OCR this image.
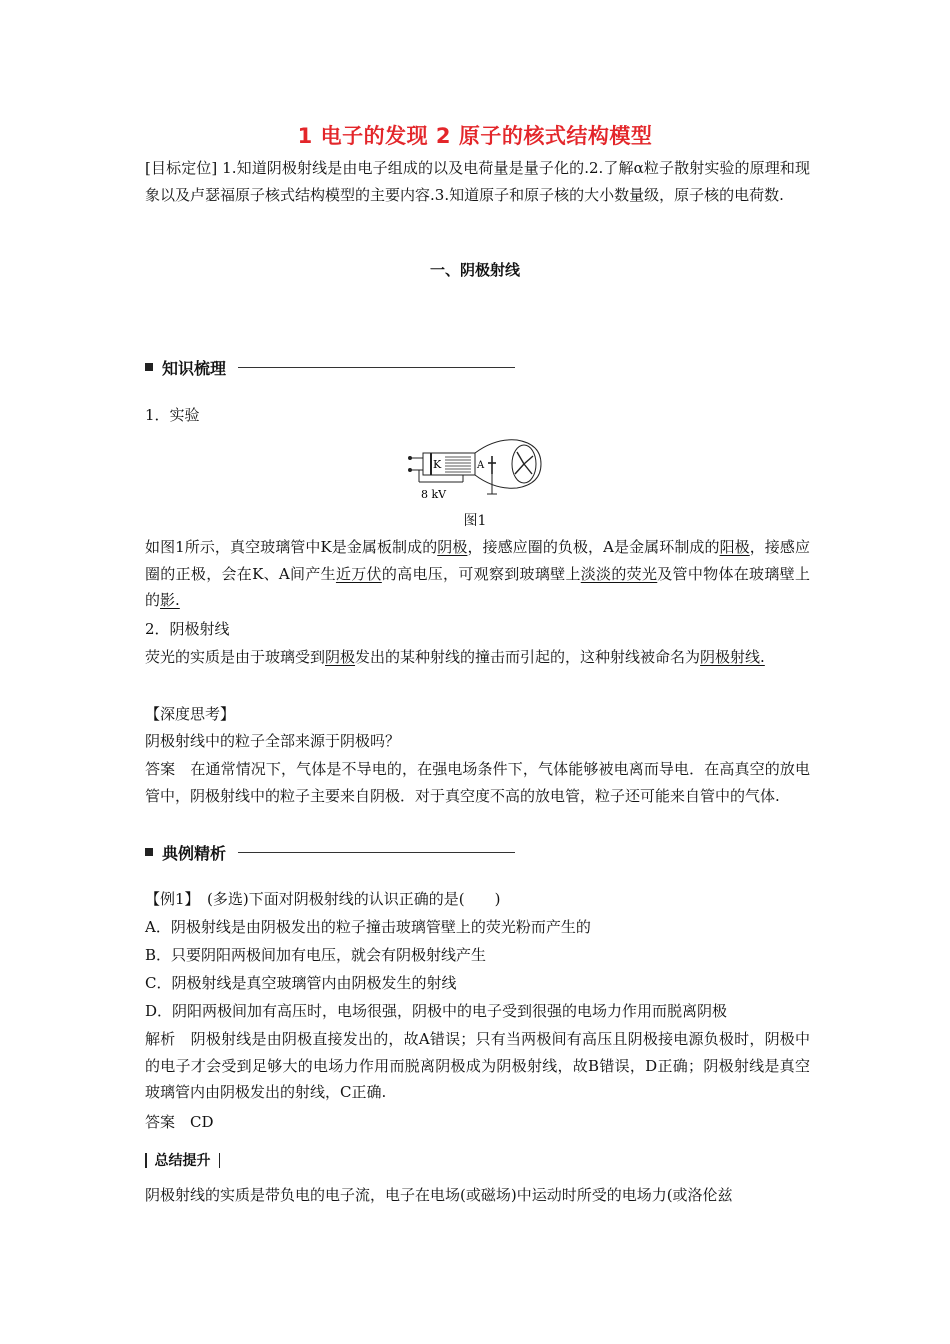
1 电子的发现 2 原子的核式结构模型
[目标定位] 1.知道阴极射线是由电子组成的以及电荷量是量子化的.2.了解α粒子散射实验的原理和现象以及卢瑟福原子核式结构模型的主要内容.3.知道原子和原子核的大小数量级，原子核的电荷数.
一、阴极射线
知识梳理
1．实验
K	A
8 kV
图1
如图1所示，真空玻璃管中K是金属板制成的阴极，接感应圈的负极，A是金属环制成的阳极，接感应圈的正极，会在K、A间产生近万伏的高电压，可观察到玻璃壁上淡淡的荧光及管中物体在玻璃壁上的影.
2．阴极射线
荧光的实质是由于玻璃受到阴极发出的某种射线的撞击而引起的，这种射线被命名为阴极射线.
【深度思考】
阴极射线中的粒子全部来源于阴极吗？
答案　在通常情况下，气体是不导电的，在强电场条件下，气体能够被电离而导电．在高真空的放电管中，阴极射线中的粒子主要来自阴极．对于真空度不高的放电管，粒子还可能来自管中的气体.
典例精析
【例1】　(多选)下面对阴极射线的认识正确的是(　　)
A．阴极射线是由阴极发出的粒子撞击玻璃管壁上的荧光粉而产生的
B．只要阴阳两极间加有电压，就会有阴极射线产生
C．阴极射线是真空玻璃管内由阴极发生的射线
D．阴阳两极间加有高压时，电场很强，阴极中的电子受到很强的电场力作用而脱离阴极
解析　阴极射线是由阴极直接发出的，故A错误；只有当两极间有高压且阴极接电源负极时，阴极中的电子才会受到足够大的电场力作用而脱离阴极成为阴极射线，故B错误，D正确；阴极射线是真空玻璃管内由阴极发出的射线，C正确.
答案　CD
总结提升
阴极射线的实质是带负电的电子流，电子在电场(或磁场)中运动时所受的电场力(或洛伦兹
